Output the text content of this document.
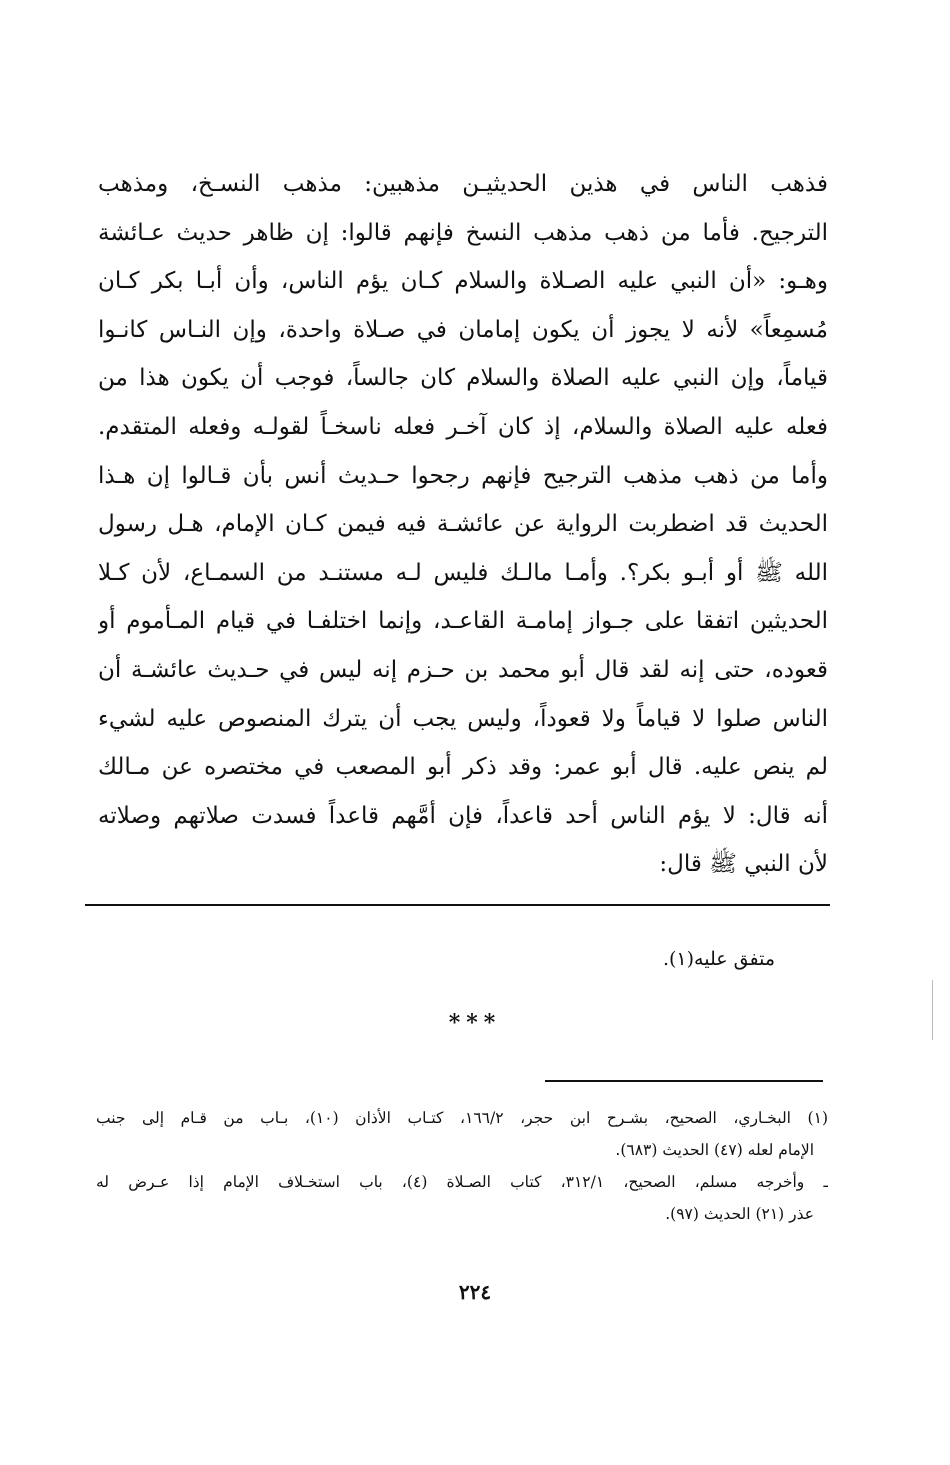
فذهب الناس في هذين الحديثيـن مذهبين: مذهب النسـخ، ومذهب
الترجيح. فأما من ذهب مذهب النسخ فإنهم قالوا: إن ظاهر حديث عـائشة
وهـو: «أن النبي عليه الصـلاة والسلام كـان يؤم الناس، وأن أبـا بكر كـان
مُسمِعاً» لأنه لا يجوز أن يكون إمامان في صـلاة واحدة، وإن النـاس كانـوا
قياماً، وإن النبي عليه الصلاة والسلام كان جالساً، فوجب أن يكون هذا من
فعله عليه الصلاة والسلام، إذ كان آخـر فعله ناسخـاً لقولـه وفعله المتقدم.
وأما من ذهب مذهب الترجيح فإنهم رجحوا حـديث أنس بأن قـالوا إن هـذا
الحديث قد اضطربت الرواية عن عائشـة فيه فيمن كـان الإمام، هـل رسول
الله ﷺ أو أبـو بكر؟. وأمـا مالـك فليس لـه مستنـد من السمـاع، لأن كـلا
الحديثين اتفقا على جـواز إمامـة القاعـد، وإنما اختلفـا في قيام المـأموم أو
قعوده، حتى إنه لقد قال أبو محمد بن حـزم إنه ليس في حـديث عائشـة أن
الناس صلوا لا قياماً ولا قعوداً، وليس يجب أن يترك المنصوص عليه لشيء
لم ينص عليه. قال أبو عمر: وقد ذكر أبو المصعب في مختصره عن مـالك
أنه قال: لا يؤم الناس أحد قاعداً، فإن أمَّهم قاعداً فسدت صلاتهم وصلاته
لأن النبي ﷺ قال:
متفق عليه(١).
***
(١) البخـاري، الصحيح، بشـرح ابن حجر، ١٦٦/٢، كتـاب الأذان (١٠)، بـاب من قـام إلى جنب
الإمام لعله (٤٧) الحديث (٦٨٣).
ـ وأخرجه مسلم، الصحيح، ٣١٢/١، كتاب الصـلاة (٤)، باب استخـلاف الإمام إذا عـرض له
عذر (٢١) الحديث (٩٧).
٢٢٤
